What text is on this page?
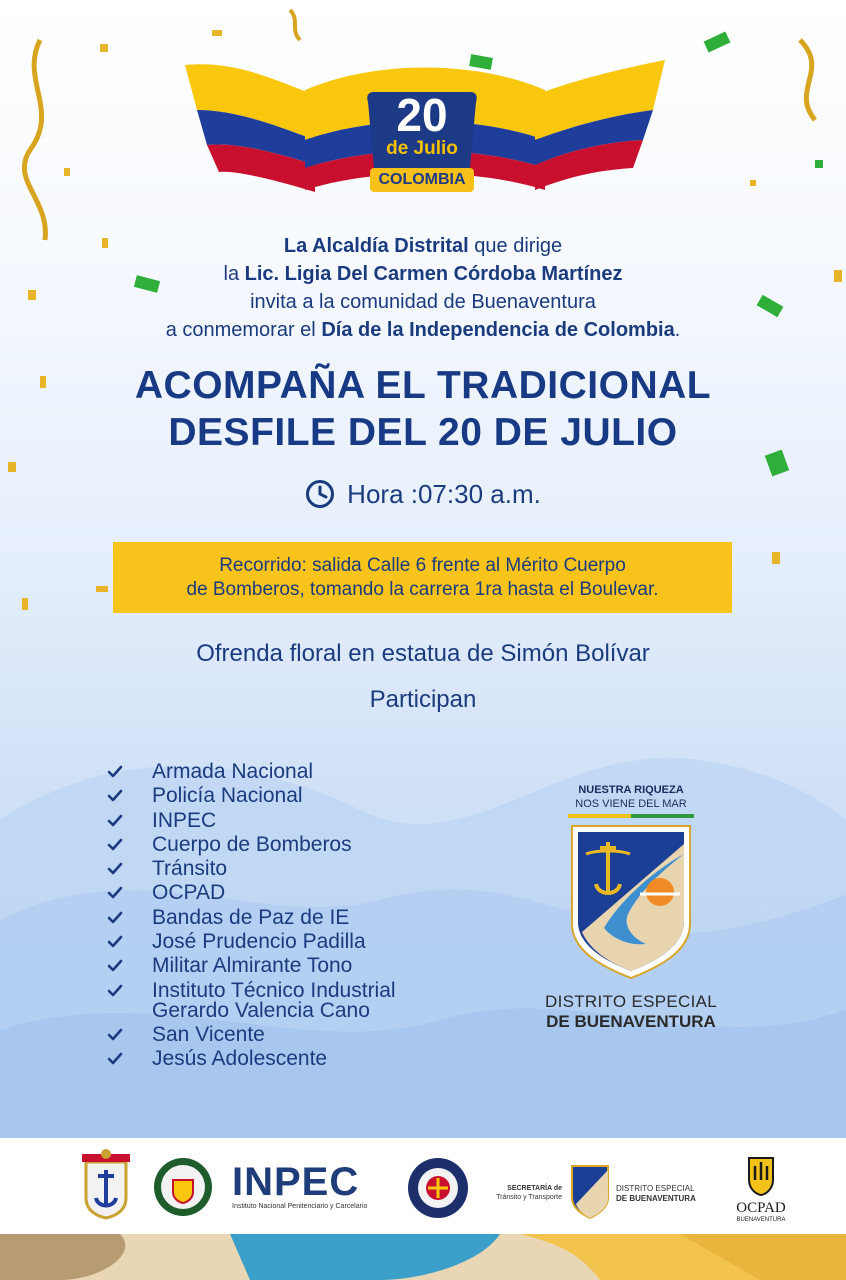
20
de Julio
COLOMBIA
La Alcaldía Distrital que dirige
la Lic. Ligia Del Carmen Córdoba Martínez
invita a la comunidad de Buenaventura
a conmemorar el Día de la Independencia de Colombia.
ACOMPAÑA EL TRADICIONAL
DESFILE DEL 20 DE JULIO
Hora :07:30 a.m.
Recorrido: salida Calle 6 frente al Mérito Cuerpo
de Bomberos, tomando la carrera 1ra hasta el Boulevar.
Ofrenda floral en estatua de Simón Bolívar
Participan
Armada Nacional
Policía Nacional
INPEC
Cuerpo de Bomberos
Tránsito
OCPAD
Bandas de Paz de IE
José Prudencio Padilla
Militar Almirante Tono
Instituto Técnico Industrial
Gerardo Valencia Cano
San Vicente
Jesús Adolescente
NUESTRA RIQUEZA
NOS VIENE DEL MAR
DISTRITO ESPECIAL
DE BUENAVENTURA
INPEC
Instituto Nacional Penitenciario y Carcelario
SECRETARÍA de
Tránsito y Transporte
DISTRITO ESPECIAL
DE BUENAVENTURA
OCPAD
BUENAVENTURA
